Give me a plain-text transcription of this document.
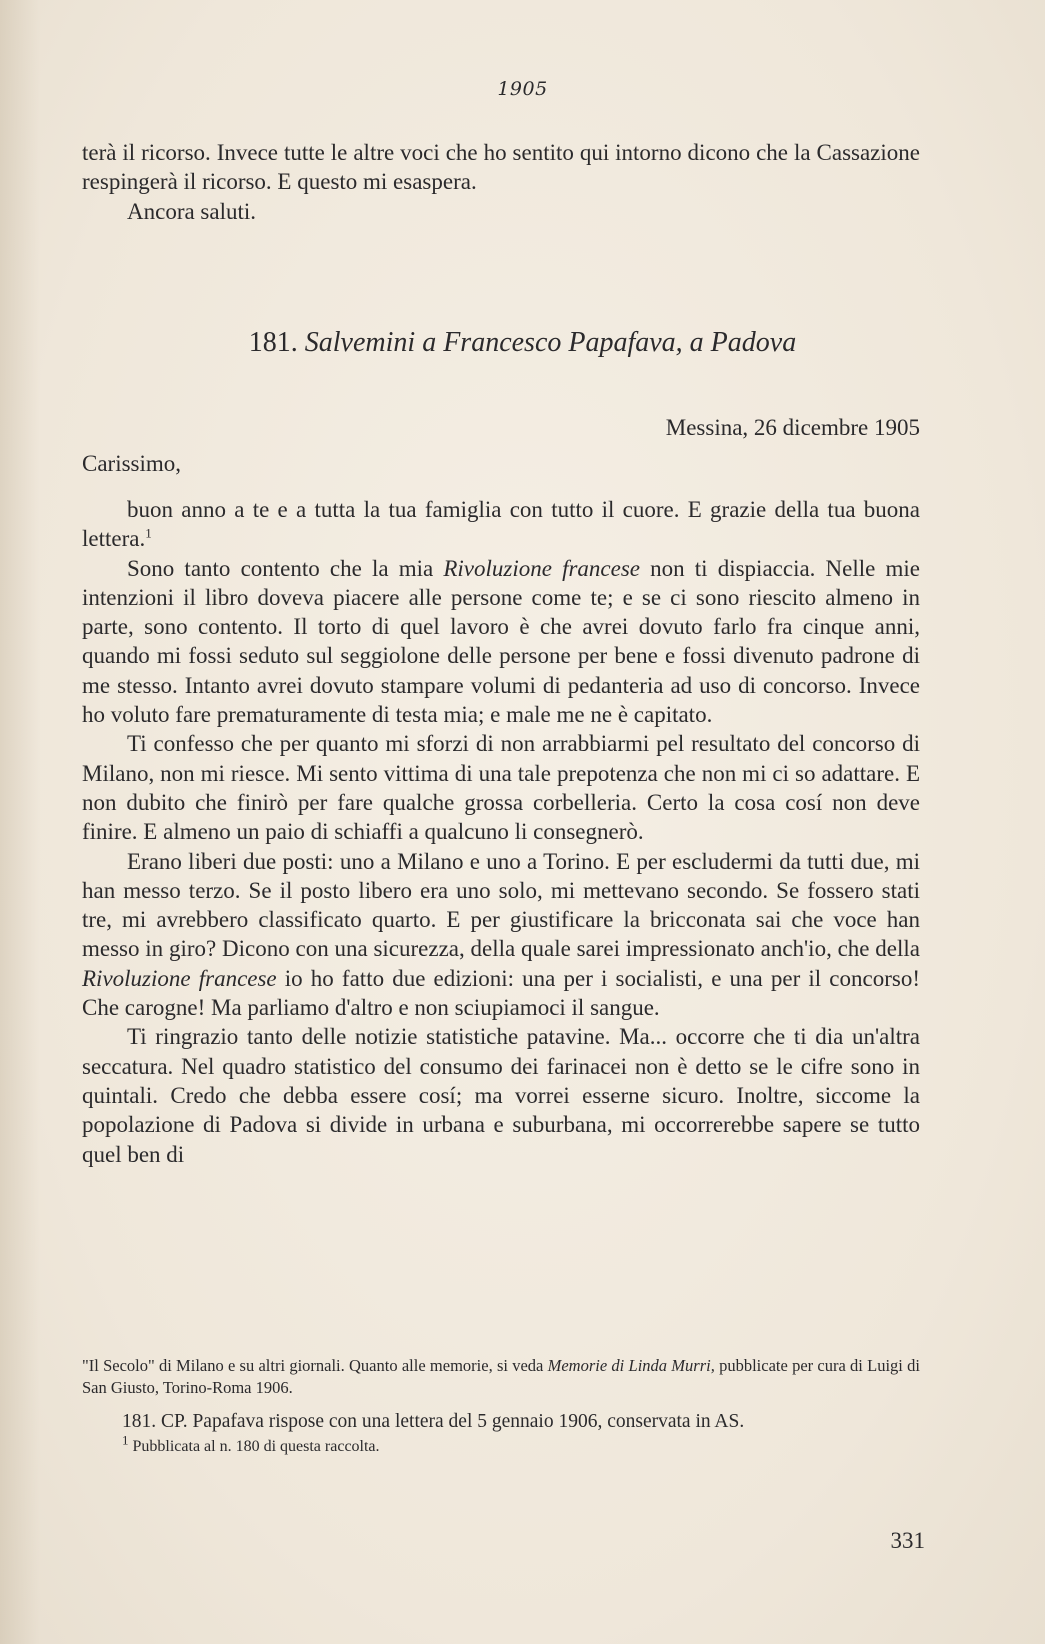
1905

terà il ricorso. Invece tutte le altre voci che ho sentito qui intorno dicono che la Cassazione respingerà il ricorso. E questo mi esaspera.

Ancora saluti.

181. Salvemini a Francesco Papafava, a Padova
Messina, 26 dicembre 1905
Carissimo,

buon anno a te e a tutta la tua famiglia con tutto il cuore. E grazie della tua buona lettera.$^1$

Sono tanto contento che la mia Rivoluzione francese non ti dispiaccia. Nelle mie intenzioni il libro doveva piacere alle persone come te; e se ci sono riescito almeno in parte, sono contento. Il torto di quel lavoro è che avrei dovuto farlo fra cinque anni, quando mi fossi seduto sul seggiolone delle persone per bene e fossi divenuto padrone di me stesso. Intanto avrei dovuto stampare volumi di pedanteria ad uso di concorso. Invece ho voluto fare prematuramente di testa mia; e male me ne è capitato.

Ti confesso che per quanto mi sforzi di non arrabbiarmi pel resultato del concorso di Milano, non mi riesce. Mi sento vittima di una tale prepotenza che non mi ci so adattare. E non dubito che finirò per fare qualche grossa corbelleria. Certo la cosa cosí non deve finire. E almeno un paio di schiaffi a qualcuno li consegnerò.

Erano liberi due posti: uno a Milano e uno a Torino. E per escludermi da tutti due, mi han messo terzo. Se il posto libero era uno solo, mi mettevano secondo. Se fossero stati tre, mi avrebbero classificato quarto. E per giustificare la bricconata sai che voce han messo in giro? Dicono con una sicurezza, della quale sarei impressionato anch'io, che della Rivoluzione francese io ho fatto due edizioni: una per i socialisti, e una per il concorso! Che carogne! Ma parliamo d'altro e non sciupiamoci il sangue.

Ti ringrazio tanto delle notizie statistiche patavine. Ma... occorre che ti dia un'altra seccatura. Nel quadro statistico del consumo dei farinacei non è detto se le cifre sono in quintali. Credo che debba essere cosí; ma vorrei esserne sicuro. Inoltre, siccome la popolazione di Padova si divide in urbana e suburbana, mi occorrerebbe sapere se tutto quel ben di

"Il Secolo" di Milano e su altri giornali. Quanto alle memorie, si veda Memorie di Linda Murri, pubblicate per cura di Luigi di San Giusto, Torino-Roma 1906.
181. CP. Papafava rispose con una lettera del 5 gennaio 1906, conservata in AS.
$^1$ Pubblicata al n. 180 di questa raccolta.
331
